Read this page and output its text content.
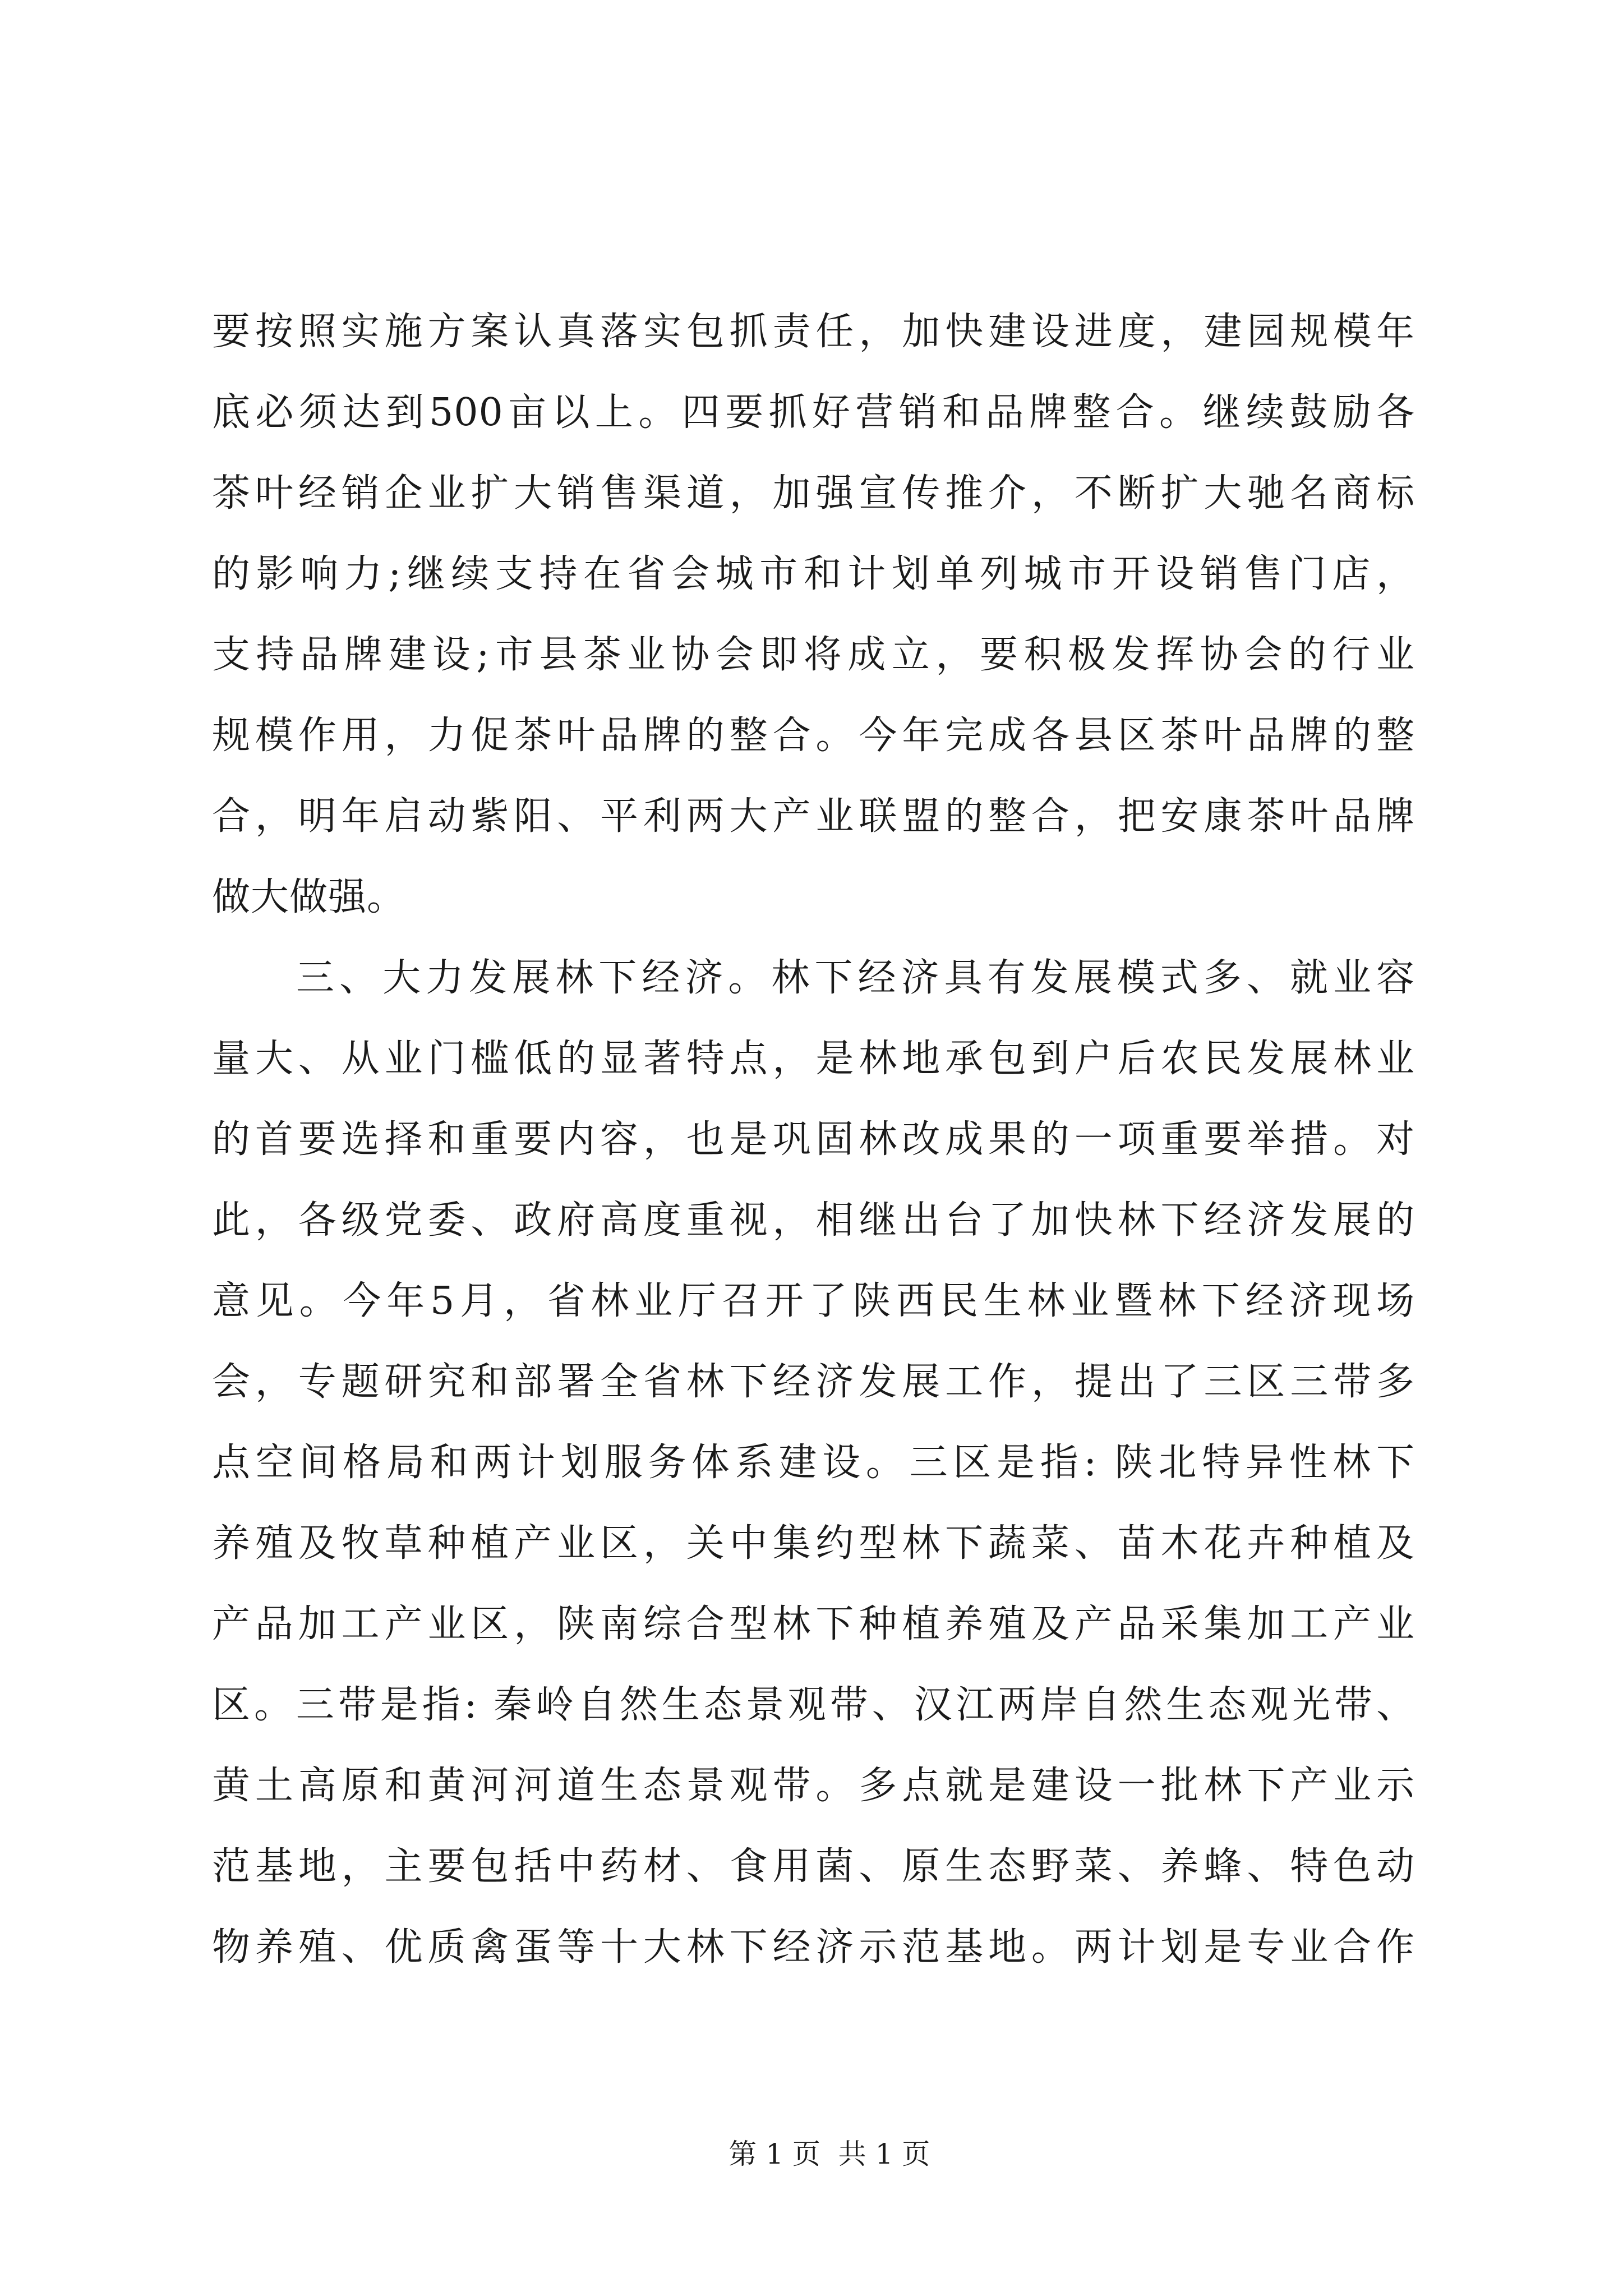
要按照实施方案认真落实包抓责任，加快建设进度，建园规模年
底必须达到500亩以上。四要抓好营销和品牌整合。继续鼓励各
茶叶经销企业扩大销售渠道，加强宣传推介，不断扩大驰名商标
的影响力;继续支持在省会城市和计划单列城市开设销售门店，
支持品牌建设;市县茶业协会即将成立，要积极发挥协会的行业
规模作用，力促茶叶品牌的整合。今年完成各县区茶叶品牌的整
合，明年启动紫阳、平利两大产业联盟的整合，把安康茶叶品牌
做大做强。
三、大力发展林下经济。林下经济具有发展模式多、就业容
量大、从业门槛低的显著特点，是林地承包到户后农民发展林业
的首要选择和重要内容，也是巩固林改成果的一项重要举措。对
此，各级党委、政府高度重视，相继出台了加快林下经济发展的
意见。今年5月，省林业厅召开了陕西民生林业暨林下经济现场
会，专题研究和部署全省林下经济发展工作，提出了三区三带多
点空间格局和两计划服务体系建设。三区是指: 陕北特异性林下
养殖及牧草种植产业区，关中集约型林下蔬菜、苗木花卉种植及
产品加工产业区，陕南综合型林下种植养殖及产品采集加工产业
区。三带是指: 秦岭自然生态景观带、汉江两岸自然生态观光带、
黄土高原和黄河河道生态景观带。多点就是建设一批林下产业示
范基地，主要包括中药材、食用菌、原生态野菜、养蜂、特色动
物养殖、优质禽蛋等十大林下经济示范基地。两计划是专业合作

第 1 页  共 1 页
